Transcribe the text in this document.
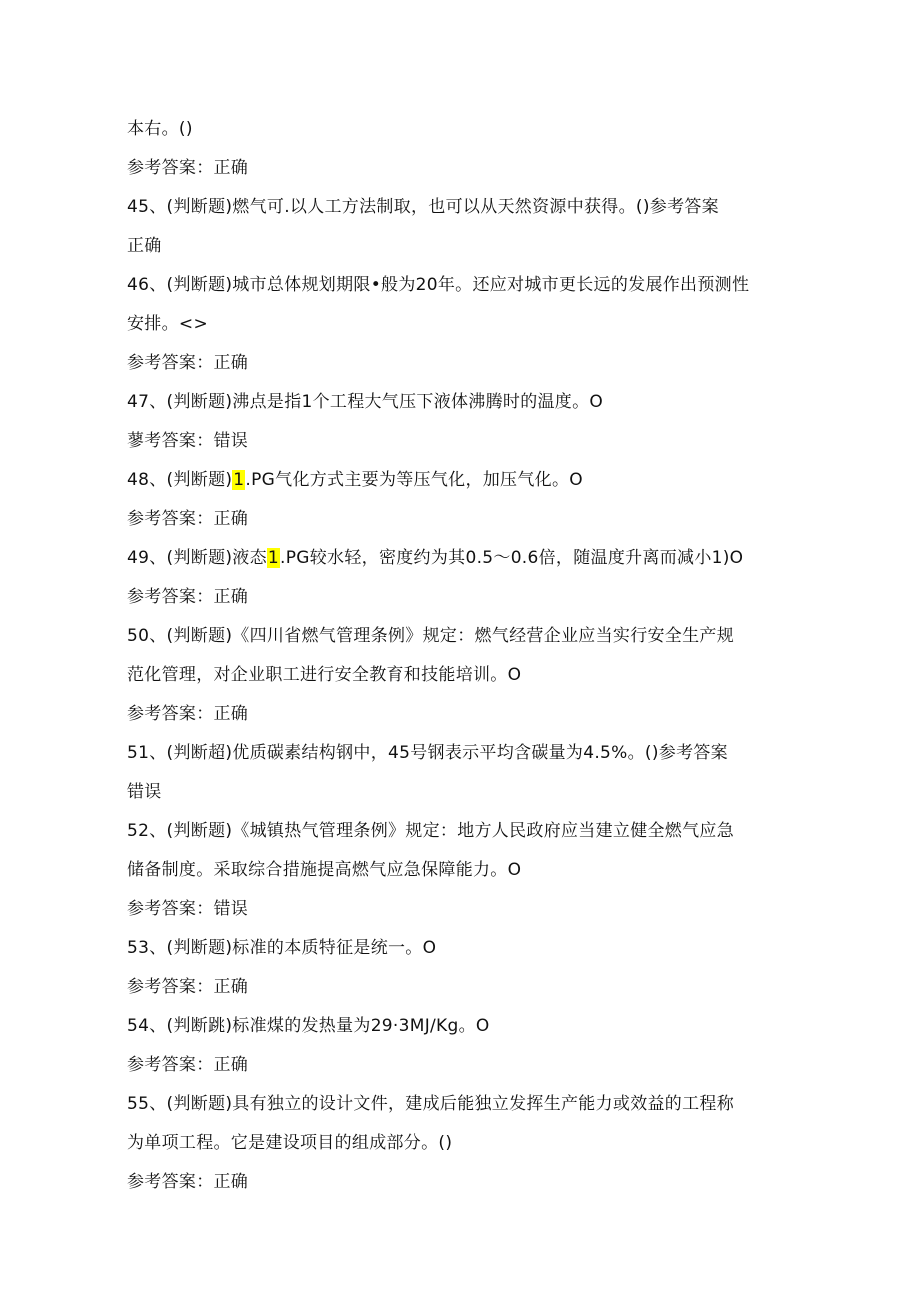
本右。()
参考答案：正确
45、(判断题)燃气可.以人工方法制取，也可以从天然资源中获得。()参考答案
正确
46、(判断题)城市总体规划期限•般为20年。还应对城市更长远的发展作出预测性
安排。<>
参考答案：正确
47、(判断题)沸点是指1个工程大气压下液体沸腾时的温度。O
蓼考答案：错误
48、(判断题)1.PG气化方式主要为等压气化，加压气化。O
参考答案：正确
49、(判断题)液态1.PG较水轻，密度约为其0.5～0.6倍，随温度升离而减小1)O
参考答案：正确
50、(判断题)《四川省燃气管理条例》规定：燃气经营企业应当实行安全生产规
范化管理，对企业职工进行安全教育和技能培训。O
参考答案：正确
51、(判断超)优质碳素结构钢中，45号钢表示平均含碳量为4.5%。()参考答案
错误
52、(判断题)《城镇热气管理条例》规定：地方人民政府应当建立健全燃气应急
储备制度。采取综合措施提高燃气应急保障能力。O
参考答案：错误
53、(判断题)标准的本质特征是统一。O
参考答案：正确
54、(判断跳)标准煤的发热量为29·3MJ∕Kg。O
参考答案：正确
55、(判断题)具有独立的设计文件，建成后能独立发挥生产能力或效益的工程称
为单项工程。它是建设项目的组成部分。()
参考答案：正确
